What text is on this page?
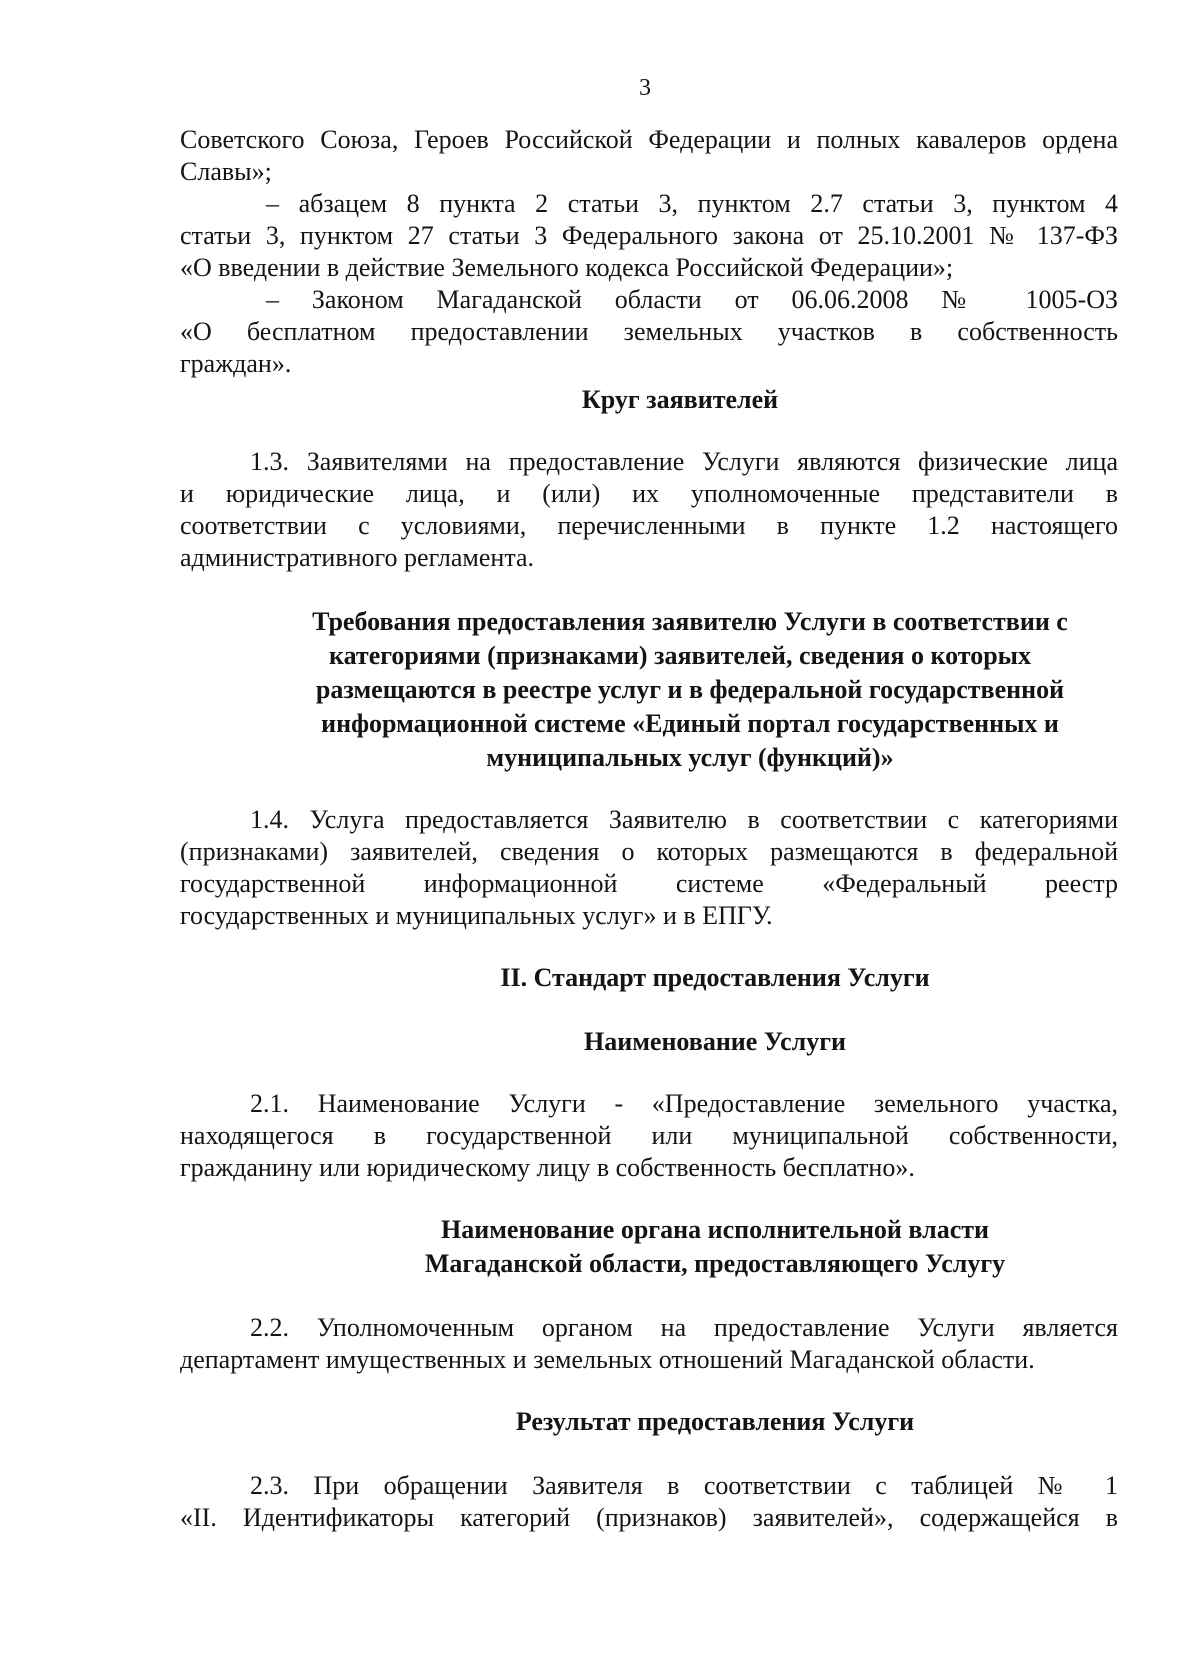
3
Советского Союза, Героев Российской Федерации и полных кавалеров ордена
Славы»;
– абзацем 8 пункта 2 статьи 3, пунктом 2.7 статьи 3, пунктом 4
статьи 3, пунктом 27 статьи 3 Федерального закона от 25.10.2001 № 137-ФЗ
«О введении в действие Земельного кодекса Российской Федерации»;
– Законом Магаданской области от 06.06.2008 № 1005-ОЗ
«О бесплатном предоставлении земельных участков в собственность
граждан».
Круг заявителей
1.3. Заявителями на предоставление Услуги являются физические лица
и юридические лица, и (или) их уполномоченные представители в
соответствии с условиями, перечисленными в пункте 1.2 настоящего
административного регламента.
Требования предоставления заявителю Услуги в соответствии с
категориями (признаками) заявителей, сведения о которых
размещаются в реестре услуг и в федеральной государственной
информационной системе «Единый портал государственных и
муниципальных услуг (функций)»
1.4. Услуга предоставляется Заявителю в соответствии с категориями
(признаками) заявителей, сведения о которых размещаются в федеральной
государственной информационной системе «Федеральный реестр
государственных и муниципальных услуг» и в ЕПГУ.
II. Стандарт предоставления Услуги
Наименование Услуги
2.1. Наименование Услуги - «Предоставление земельного участка,
находящегося в государственной или муниципальной собственности,
гражданину или юридическому лицу в собственность бесплатно».
Наименование органа исполнительной власти
Магаданской области, предоставляющего Услугу
2.2. Уполномоченным органом на предоставление Услуги является
департамент имущественных и земельных отношений Магаданской области.
Результат предоставления Услуги
2.3. При обращении Заявителя в соответствии с таблицей № 1
«II. Идентификаторы категорий (признаков) заявителей», содержащейся в
